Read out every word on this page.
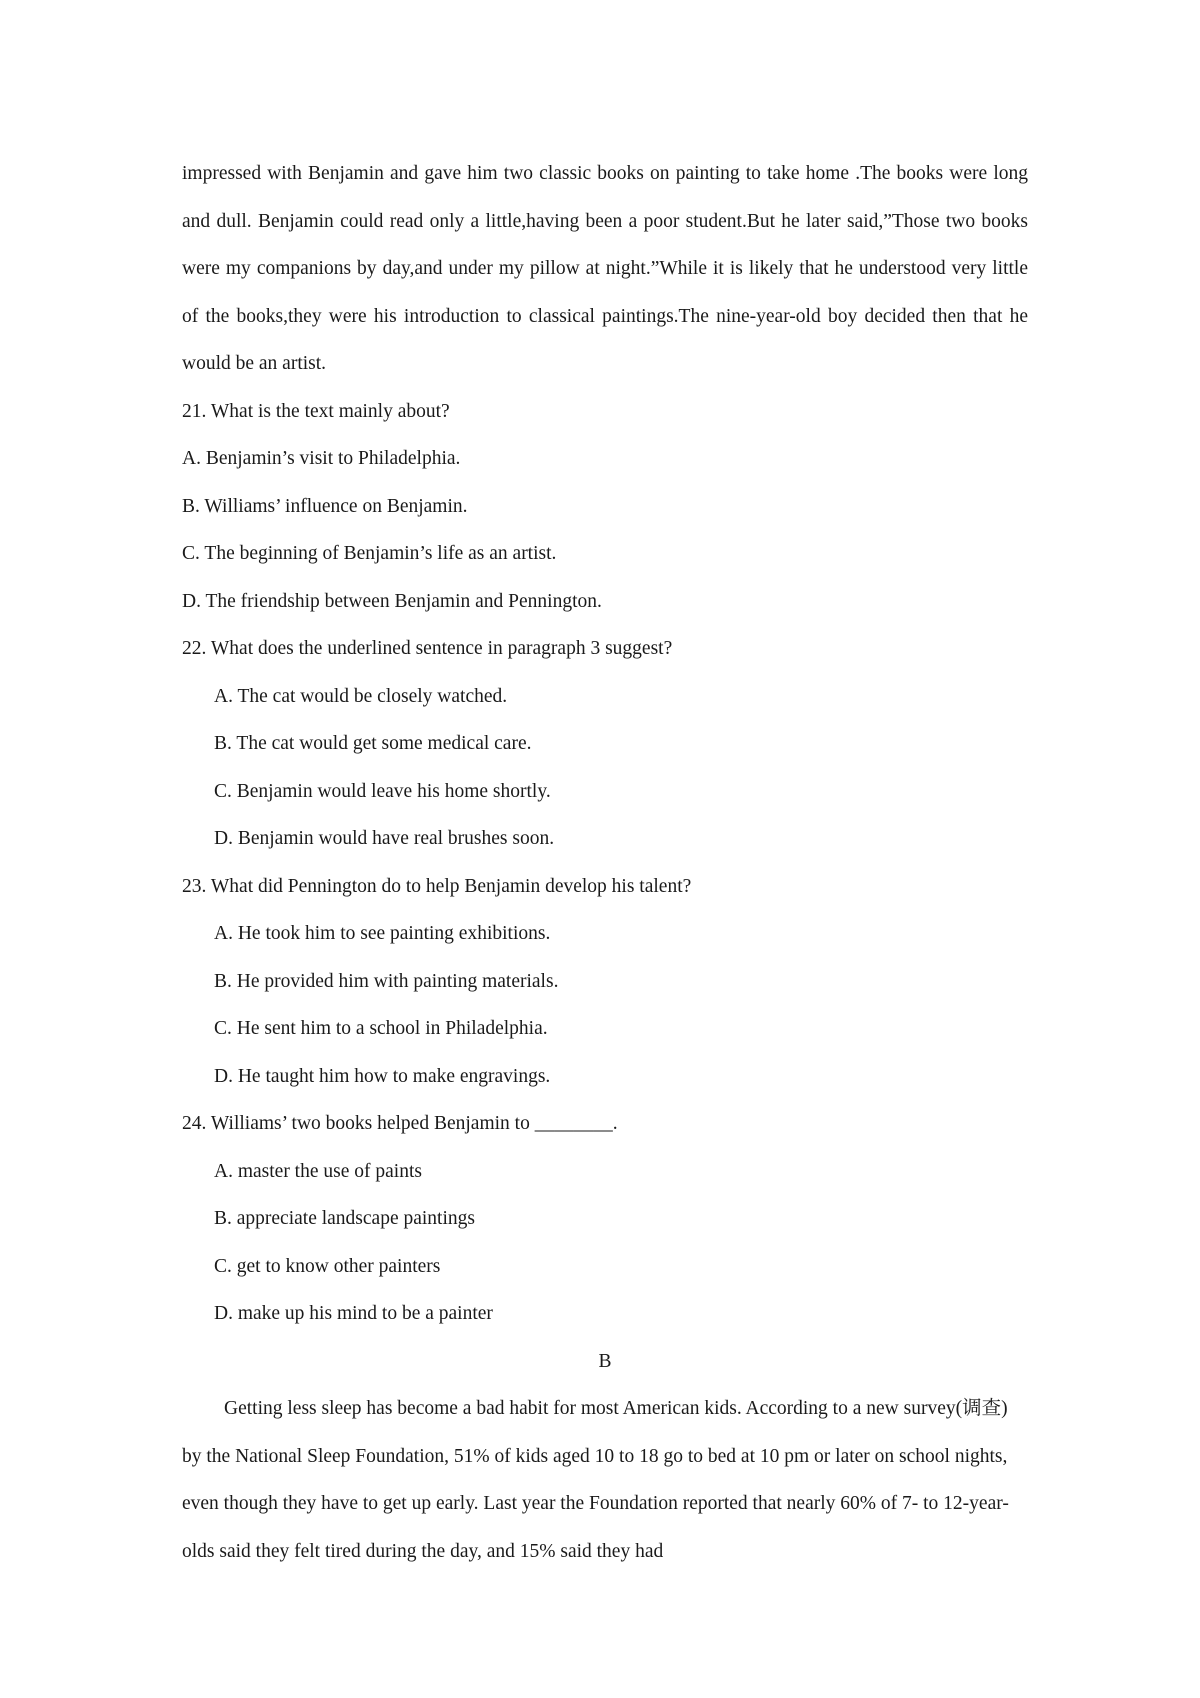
impressed with Benjamin and gave him two classic books on painting to take home .The books were long and dull. Benjamin could read only a little,having been a poor student.But he later said,”Those two books were my companions by day,and under my pillow at night.”While it is likely that he understood very little of the books,they were his introduction to classical paintings.The nine-year-old boy decided then that he would be an artist.

21. What is the text mainly about?

A. Benjamin’s visit to Philadelphia.

B. Williams’ influence on Benjamin.

C. The beginning of Benjamin’s life as an artist.

D. The friendship between Benjamin and Pennington.

22. What does the underlined sentence in paragraph 3 suggest?

A. The cat would be closely watched.

B. The cat would get some medical care.

C. Benjamin would leave his home shortly.

D. Benjamin would have real brushes soon.

23. What did Pennington do to help Benjamin develop his talent?

A. He took him to see painting exhibitions.

B. He provided him with painting materials.

C. He sent him to a school in Philadelphia.

D. He taught him how to make engravings.

24. Williams’ two books helped Benjamin to ________.

A. master the use of paints

B. appreciate landscape paintings

C. get to know other painters

D. make up his mind to be a painter

B

Getting less sleep has become a bad habit for most American kids. According to a new survey(调查) by the National Sleep Foundation, 51% of kids aged 10 to 18 go to bed at 10 pm or later on school nights, even though they have to get up early. Last year the Foundation reported that nearly 60% of 7- to 12-year-olds said they felt tired during the day, and 15% said they had
